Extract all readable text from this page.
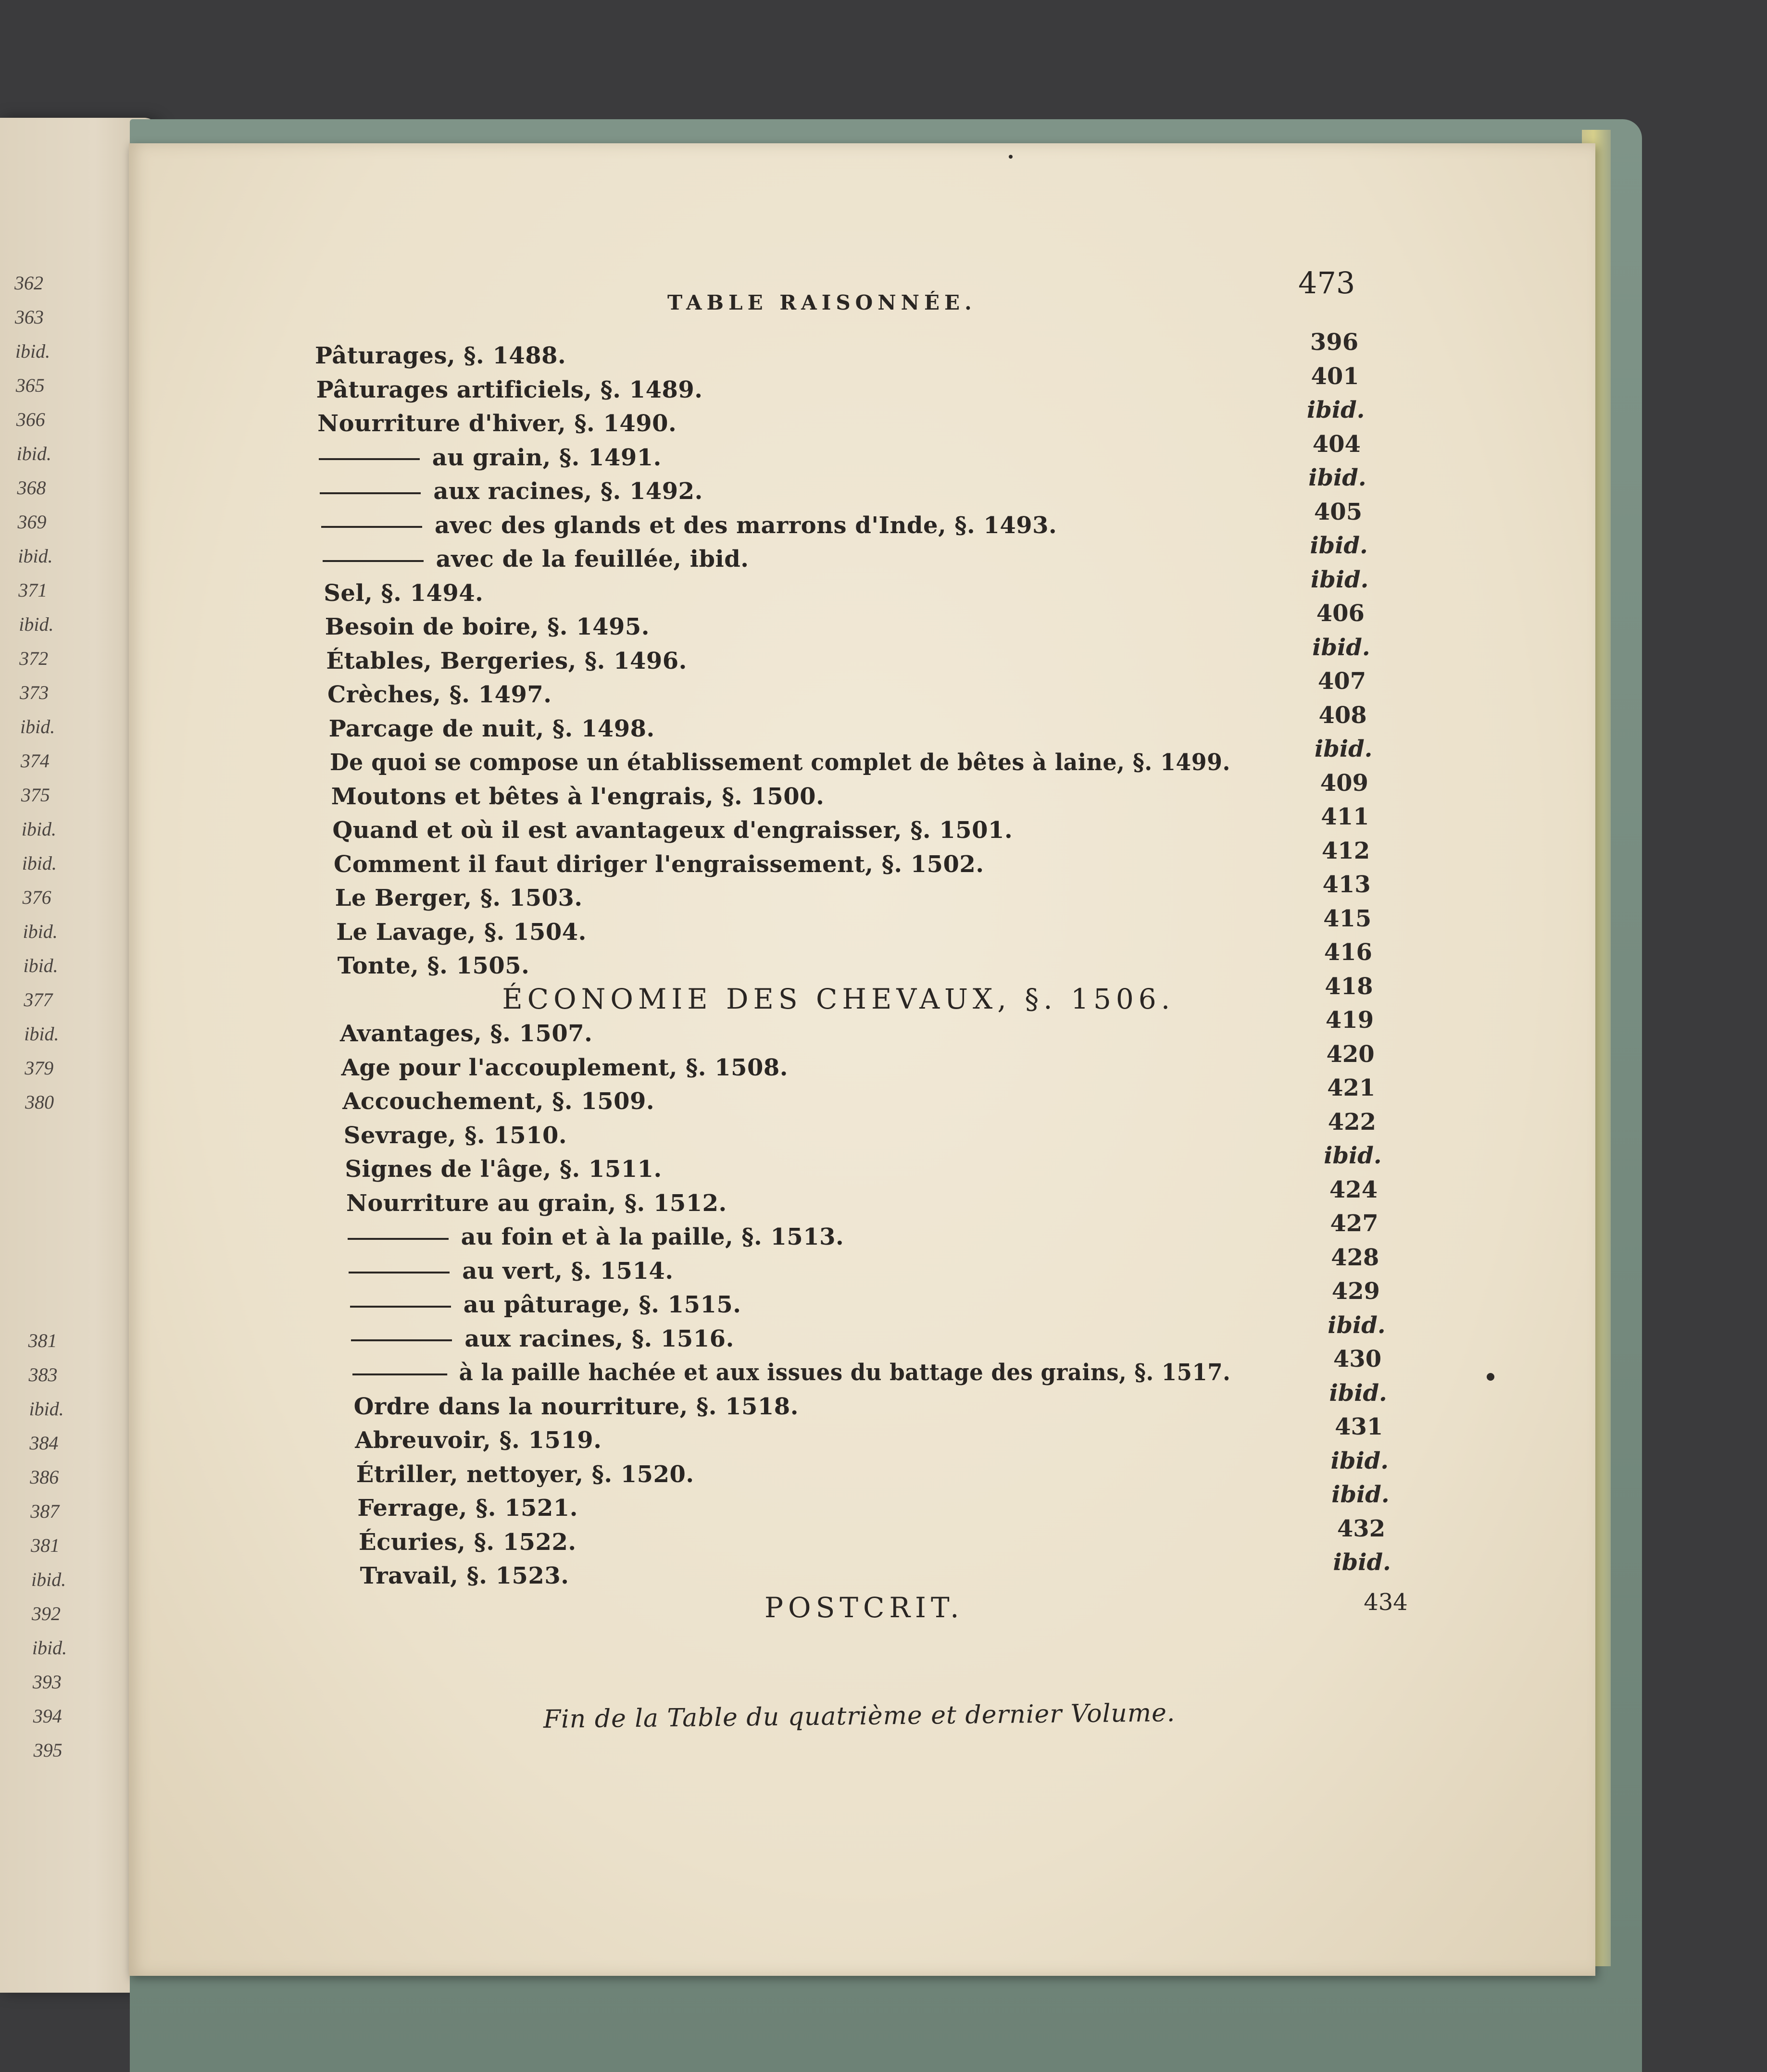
TABLE RAISONNÉE.
473
POSTCRIT.	434
Fin de la Table du quatrième et dernier Volume.
362
363
ibid.
365
366
ibid.
368
369
ibid.
371
ibid.
372
373
ibid.
374
375
ibid.
ibid.
376
ibid.
ibid.
377
ibid.
379
380
381
383
ibid.
384
386
387
381
ibid.
392
ibid.
393
394
395
Pâturages, §. 1488.	396
Pâturages artificiels, §. 1489.	401
Nourriture d'hiver, §. 1490.	ibid.
au grain, §. 1491.	404
aux racines, §. 1492.	ibid.
avec des glands et des marrons d'Inde, §. 1493.	405
avec de la feuillée, ibid.	ibid.
Sel, §. 1494.	ibid.
Besoin de boire, §. 1495.	406
Étables, Bergeries, §. 1496.	ibid.
Crèches, §. 1497.	407
Parcage de nuit, §. 1498.	408
De quoi se compose un établissement complet de bêtes à laine, §. 1499.	ibid.
Moutons et bêtes à l'engrais, §. 1500.	409
Quand et où il est avantageux d'engraisser, §. 1501.	411
Comment il faut diriger l'engraissement, §. 1502.	412
Le Berger, §. 1503.	413
Le Lavage, §. 1504.	415
Tonte, §. 1505.	416
ÉCONOMIE DES CHEVAUX, §. 1506.	418
Avantages, §. 1507.	419
Age pour l'accouplement, §. 1508.	420
Accouchement, §. 1509.	421
Sevrage, §. 1510.	422
Signes de l'âge, §. 1511.	ibid.
Nourriture au grain, §. 1512.	424
au foin et à la paille, §. 1513.	427
au vert, §. 1514.	428
au pâturage, §. 1515.	429
aux racines, §. 1516.	ibid.
à la paille hachée et aux issues du battage des grains, §. 1517.	430
Ordre dans la nourriture, §. 1518.	ibid.
Abreuvoir, §. 1519.	431
Étriller, nettoyer, §. 1520.	ibid.
Ferrage, §. 1521.	ibid.
Écuries, §. 1522.	432
Travail, §. 1523.	ibid.
